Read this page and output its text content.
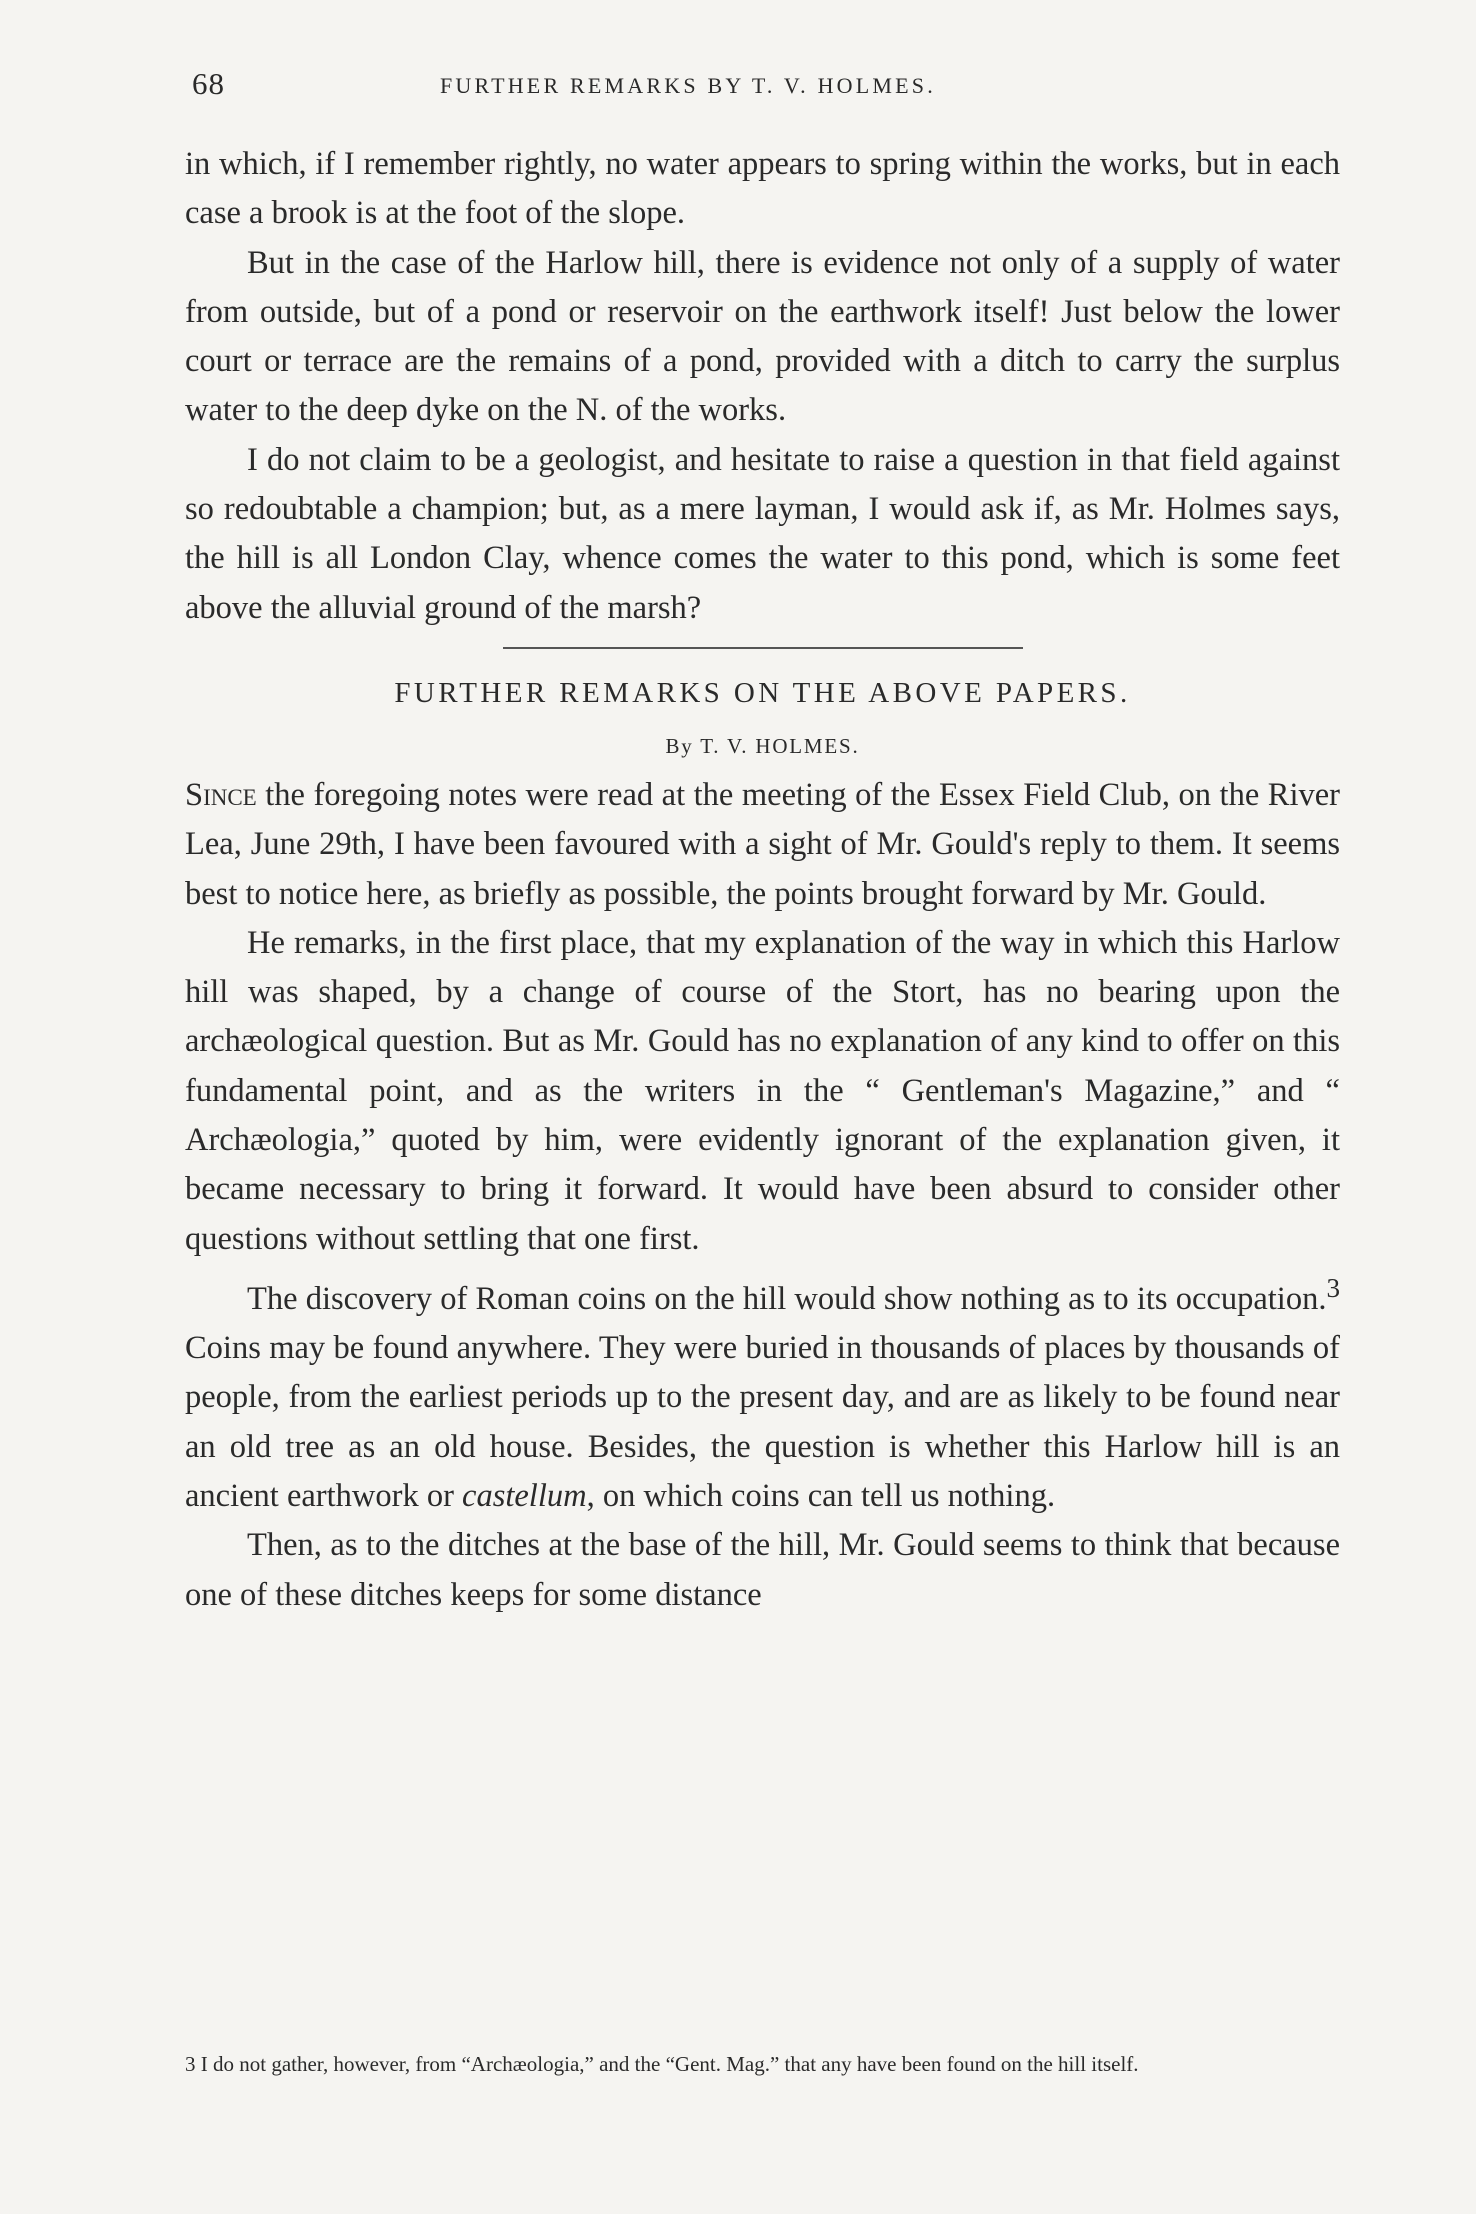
68	FURTHER REMARKS BY T. V. HOLMES.

in which, if I remember rightly, no water appears to spring within the works, but in each case a brook is at the foot of the slope.

But in the case of the Harlow hill, there is evidence not only of a supply of water from outside, but of a pond or reservoir on the earthwork itself! Just below the lower court or terrace are the remains of a pond, provided with a ditch to carry the surplus water to the deep dyke on the N. of the works.

I do not claim to be a geologist, and hesitate to raise a question in that field against so redoubtable a champion; but, as a mere layman, I would ask if, as Mr. Holmes says, the hill is all London Clay, whence comes the water to this pond, which is some feet above the alluvial ground of the marsh?

FURTHER REMARKS ON THE ABOVE PAPERS.
By T. V. HOLMES.

Since the foregoing notes were read at the meeting of the Essex Field Club, on the River Lea, June 29th, I have been favoured with a sight of Mr. Gould's reply to them. It seems best to notice here, as briefly as possible, the points brought forward by Mr. Gould.

He remarks, in the first place, that my explanation of the way in which this Harlow hill was shaped, by a change of course of the Stort, has no bearing upon the archæological question. But as Mr. Gould has no explanation of any kind to offer on this fundamental point, and as the writers in the “ Gentleman's Magazine,” and “ Archæologia,” quoted by him, were evidently ignorant of the explanation given, it became necessary to bring it forward. It would have been absurd to consider other questions without settling that one first.

The discovery of Roman coins on the hill would show nothing as to its occupation.$^3$ Coins may be found anywhere. They were buried in thousands of places by thousands of people, from the earliest periods up to the present day, and are as likely to be found near an old tree as an old house. Besides, the question is whether this Harlow hill is an ancient earthwork or castellum, on which coins can tell us nothing.

Then, as to the ditches at the base of the hill, Mr. Gould seems to think that because one of these ditches keeps for some distance

3 I do not gather, however, from “Archæologia,” and the “Gent. Mag.” that any have been found on the hill itself.
